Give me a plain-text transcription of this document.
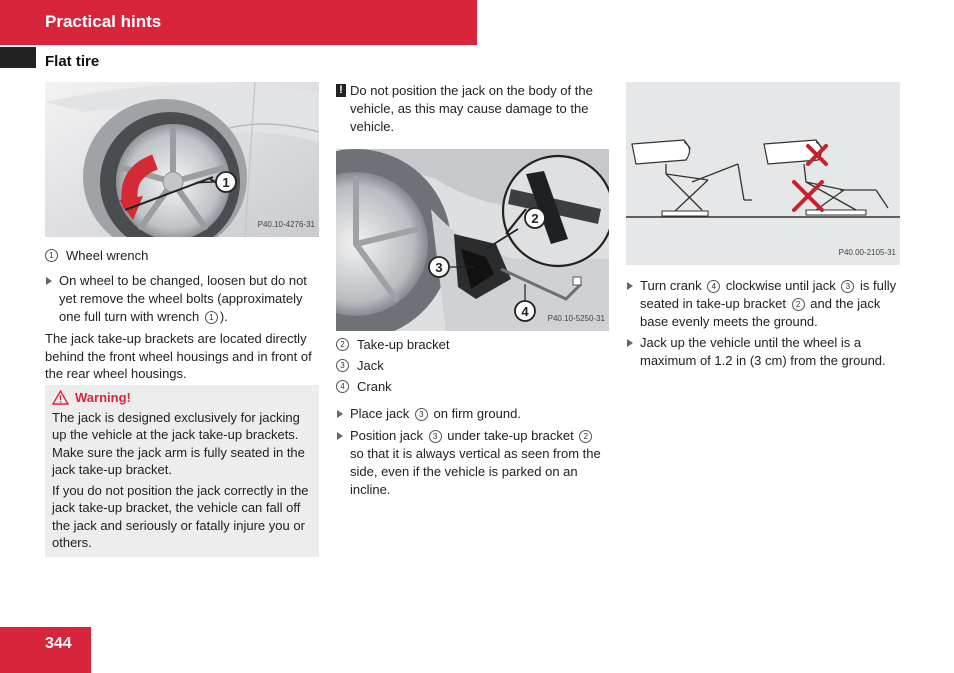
Practical hints
Flat tire
1
P40.10-4276-31
1 Wheel wrench

On wheel to be changed, loosen but do not yet remove the wheel bolts (approximately one full turn with wrench 1 ).

The jack take-up brackets are located directly behind the front wheel housings and in front of the rear wheel housings.

Warning!

The jack is designed exclusively for jacking up the vehicle at the jack take-up brackets. Make sure the jack arm is fully seated in the jack take-up bracket.

If you do not position the jack correctly in the jack take-up bracket, the vehicle can fall off the jack and seriously or fatally injure you or others.

! Do not position the jack on the body of the vehicle, as this may cause damage to the vehicle.

2
3
4 P40.10-5250-31
2 Take-up bracket
3 Jack
4 Crank

Place jack 3 on firm ground.

Position jack 3 under take-up bracket 2 so that it is always vertical as seen from the side, even if the vehicle is parked on an incline.

P40.00-2105-31

Turn crank 4 clockwise until jack 3 is fully seated in take-up bracket 2 and the jack base evenly meets the ground.

Jack up the vehicle until the wheel is a maximum of 1.2 in (3 cm) from the ground.

344
